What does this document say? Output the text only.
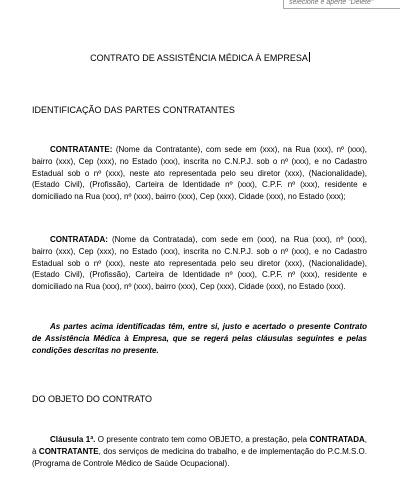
selecione e aperte "Delete"
CONTRATO DE ASSISTÊNCIA MÉDICA À EMPRESA
IDENTIFICAÇÃO DAS PARTES CONTRATANTES
CONTRATANTE: (Nome da Contratante), com sede em (xxx), na Rua (xxx), nº (xxx), bairro (xxx), Cep (xxx), no Estado (xxx), inscrita no C.N.P.J. sob o nº (xxx), e no Cadastro Estadual sob o nº (xxx), neste ato representada pelo seu diretor (xxx), (Nacionalidade), (Estado Civil), (Profissão), Carteira de Identidade nº (xxx), C.P.F. nº (xxx), residente e domiciliado na Rua (xxx), nº (xxx), bairro (xxx), Cep (xxx), Cidade (xxx), no Estado (xxx);
CONTRATADA: (Nome da Contratada), com sede em (xxx), na Rua (xxx), nº (xxx), bairro (xxx), Cep (xxx), no Estado (xxx), inscrita no C.N.P.J. sob o nº (xxx), e no Cadastro Estadual sob o nº (xxx), neste ato representada pelo seu diretor (xxx), (Nacionalidade), (Estado Civil), (Profissão), Carteira de Identidade nº (xxx), C.P.F. nº (xxx), residente e domiciliado na Rua (xxx), nº (xxx), bairro (xxx), Cep (xxx), Cidade (xxx), no Estado (xxx).
As partes acima identificadas têm, entre si, justo e acertado o presente Contrato de Assistência Médica à Empresa, que se regerá pelas cláusulas seguintes e pelas condições descritas no presente.
DO OBJETO DO CONTRATO
Cláusula 1ª. O presente contrato tem como OBJETO, a prestação, pela CONTRATADA, à CONTRATANTE, dos serviços de medicina do trabalho, e de implementação do P.C.M.S.O. (Programa de Controle Médico de Saúde Ocupacional).
